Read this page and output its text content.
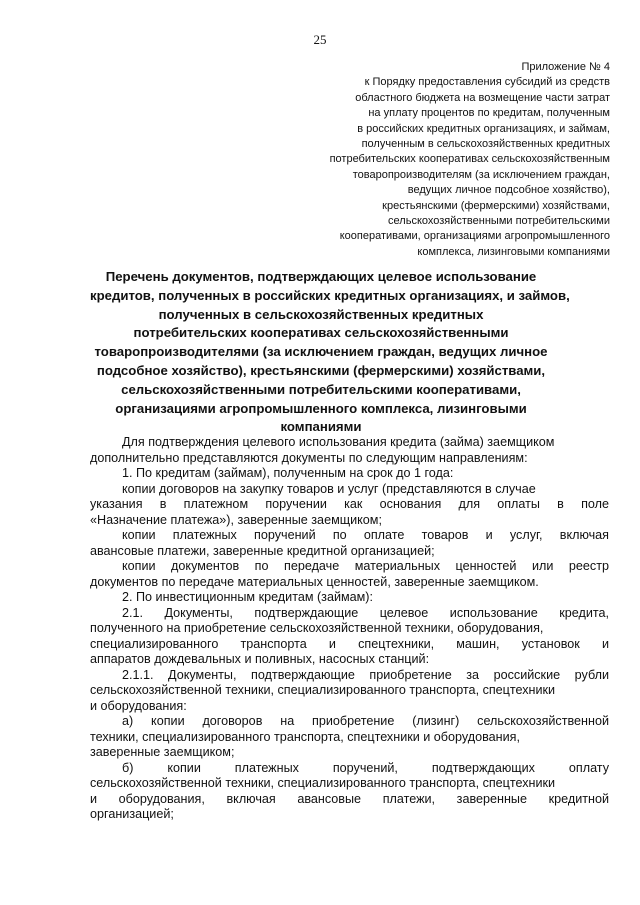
25
Приложение № 4
к Порядку предоставления субсидий из средств
областного бюджета на возмещение части затрат
на уплату процентов по кредитам, полученным
в российских кредитных организациях, и займам,
полученным в сельскохозяйственных кредитных
потребительских кооперативах сельскохозяйственным
товаропроизводителям (за исключением граждан,
ведущих личное подсобное хозяйство),
крестьянскими (фермерскими) хозяйствами,
сельскохозяйственными потребительскими
кооперативами, организациями агропромышленного
комплекса, лизинговыми компаниями
Перечень документов, подтверждающих целевое использование
кредитов, полученных в российских кредитных организациях, и займов,
полученных в сельскохозяйственных кредитных
потребительских кооперативах сельскохозяйственными
товаропроизводителями (за исключением граждан, ведущих личное
подсобное хозяйство), крестьянскими (фермерскими) хозяйствами,
сельскохозяйственными потребительскими кооперативами,
организациями агропромышленного комплекса, лизинговыми
компаниями
Для подтверждения целевого использования кредита (займа) заемщиком
дополнительно представляются документы по следующим направлениям:
1. По кредитам (займам), полученным на срок до 1 года:
копии договоров на закупку товаров и услуг (представляются в случае
указания в платежном поручении как основания для оплаты в поле
«Назначение платежа»), заверенные заемщиком;
копии платежных поручений по оплате товаров и услуг, включая
авансовые платежи, заверенные кредитной организацией;
копии документов по передаче материальных ценностей или реестр
документов по передаче материальных ценностей, заверенные заемщиком.
2. По инвестиционным кредитам (займам):
2.1. Документы, подтверждающие целевое использование кредита,
полученного на приобретение сельскохозяйственной техники, оборудования,
специализированного транспорта и спецтехники, машин, установок и
аппаратов дождевальных и поливных, насосных станций:
2.1.1. Документы, подтверждающие приобретение за российские рубли
сельскохозяйственной техники, специализированного транспорта, спецтехники
и оборудования:
а) копии договоров на приобретение (лизинг) сельскохозяйственной
техники, специализированного транспорта, спецтехники и оборудования,
заверенные заемщиком;
б) копии платежных поручений, подтверждающих оплату
сельскохозяйственной техники, специализированного транспорта, спецтехники
и оборудования, включая авансовые платежи, заверенные кредитной
организацией;
